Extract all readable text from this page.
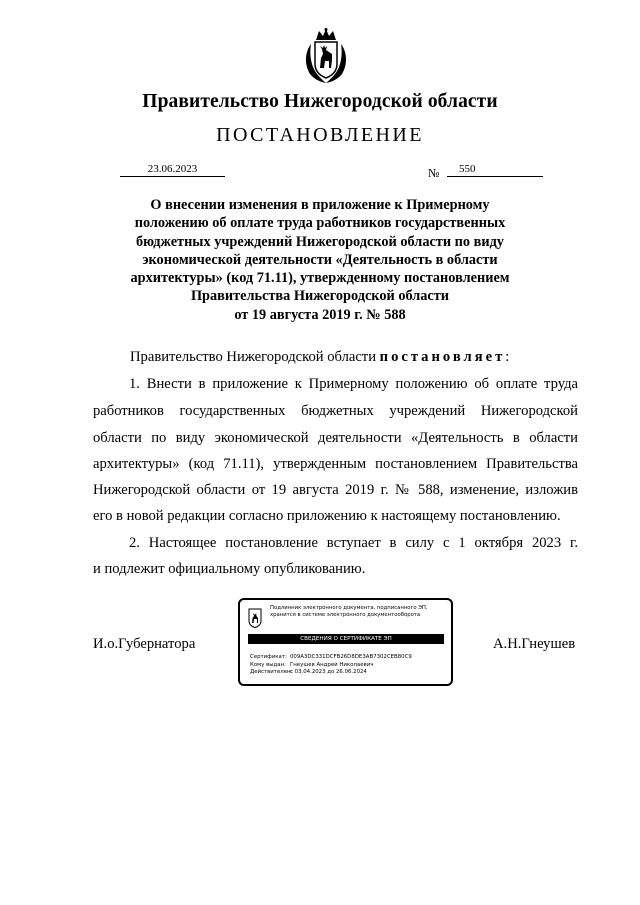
Правительство Нижегородской области
ПОСТАНОВЛЕНИЕ
23.06.2023	№	550
О внесении изменения в приложение к Примерному
положению об оплате труда работников государственных
бюджетных учреждений Нижегородской области по виду
экономической деятельности «Деятельность в области
архитектуры» (код 71.11), утвержденному постановлением
Правительства Нижегородской области
от 19 августа 2019 г. № 588
Правительство Нижегородской области постановляет:
1. Внести в приложение к Примерному положению об оплате труда
работников государственных бюджетных учреждений Нижегородской
области по виду экономической деятельности «Деятельность в области
архитектуры» (код 71.11), утвержденным постановлением Правительства
Нижегородской области от 19 августа 2019 г. № 588, изменение, изложив
его в новой редакции согласно приложению к настоящему постановлению.
2. Настоящее постановление вступает в силу с 1 октября 2023 г.
и подлежит официальному опубликованию.
И.о.Губернатора	А.Н.Гнеушев
Подлинник электронного документа, подписанного ЭП,
хранится в системе электронного документооборота
СВЕДЕНИЯ О СЕРТИФИКАТЕ ЭП
Сертификат: 009A3DC331DCFB26D8DE3AB7302CEB80C9
Кому выдан: Гнеушев Андрей Николаевич
Действителен:с 03.04.2023 до 26.06.2024
